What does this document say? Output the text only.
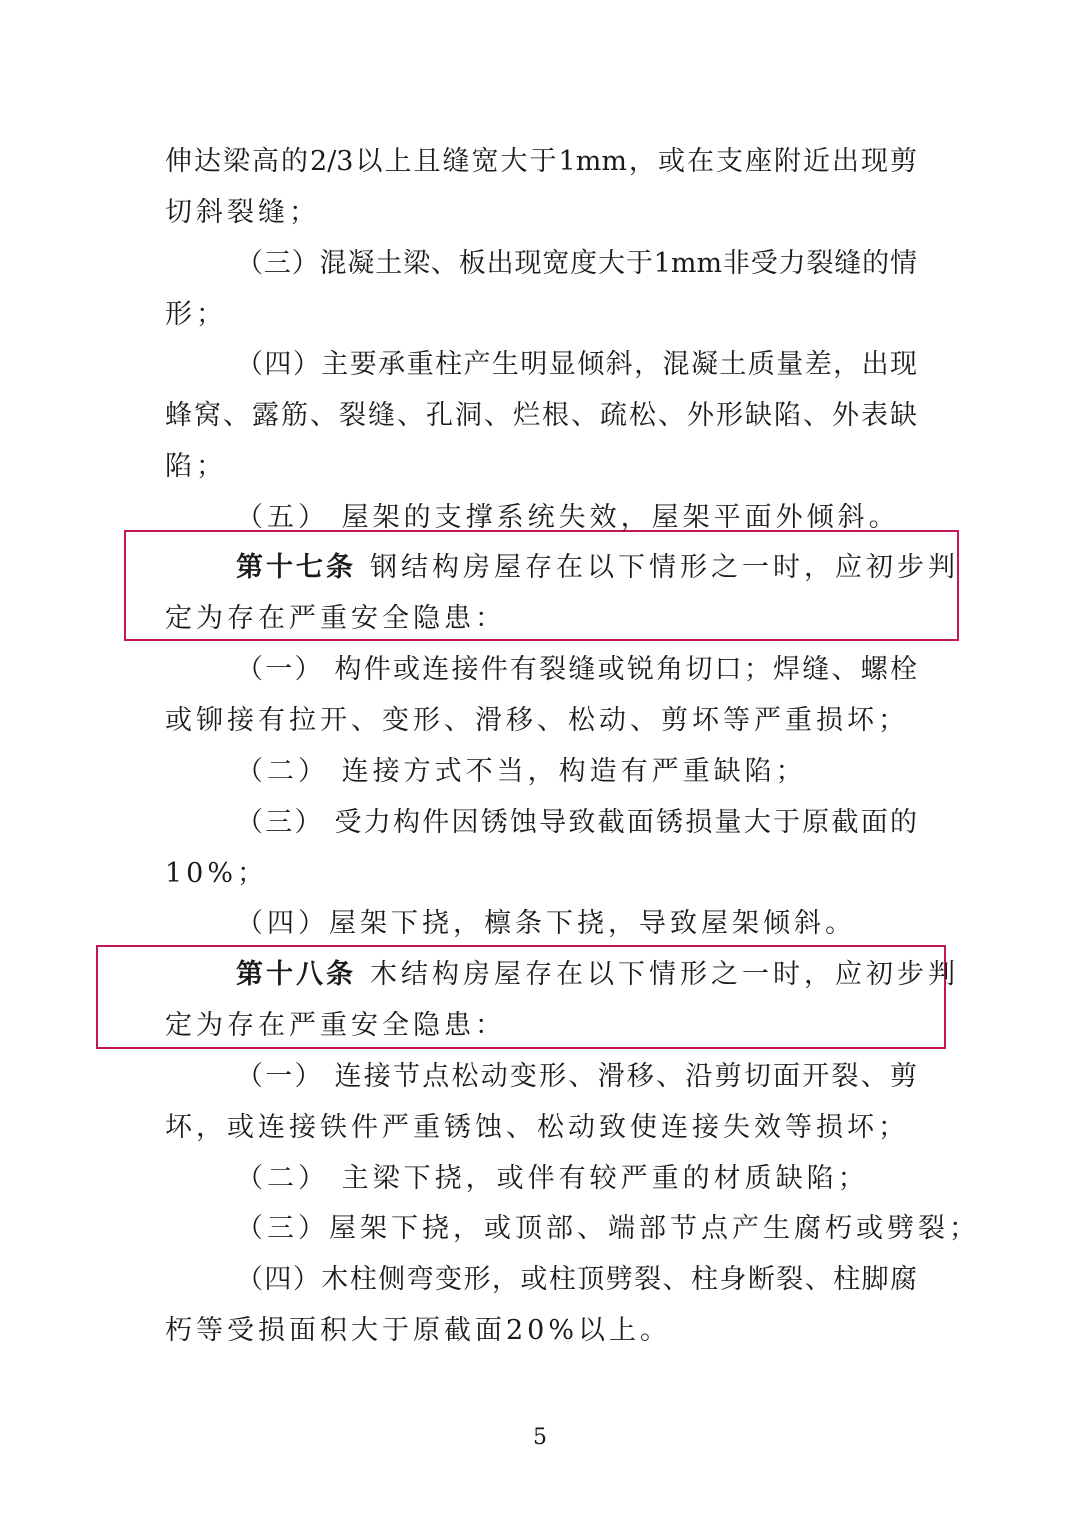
伸达梁高的2/3以上且缝宽大于1mm，或在支座附近出现剪
切斜裂缝；
（三）混凝土梁、板出现宽度大于1mm非受力裂缝的情
形；
（四）主要承重柱产生明显倾斜，混凝土质量差，出现
蜂窝、露筋、裂缝、孔洞、烂根、疏松、外形缺陷、外表缺
陷；
（五） 屋架的支撑系统失效，屋架平面外倾斜。
第十七条 钢结构房屋存在以下情形之一时，应初步判
定为存在严重安全隐患：
（一） 构件或连接件有裂缝或锐角切口；焊缝、螺栓
或铆接有拉开、变形、滑移、松动、剪坏等严重损坏；
（二） 连接方式不当，构造有严重缺陷；
（三） 受力构件因锈蚀导致截面锈损量大于原截面的
10%；
（四）屋架下挠，檩条下挠，导致屋架倾斜。
第十八条 木结构房屋存在以下情形之一时，应初步判
定为存在严重安全隐患：
（一） 连接节点松动变形、滑移、沿剪切面开裂、剪
坏，或连接铁件严重锈蚀、松动致使连接失效等损坏；
（二） 主梁下挠，或伴有较严重的材质缺陷；
（三）屋架下挠，或顶部、端部节点产生腐朽或劈裂；
（四）木柱侧弯变形，或柱顶劈裂、柱身断裂、柱脚腐
朽等受损面积大于原截面20%以上。
5
